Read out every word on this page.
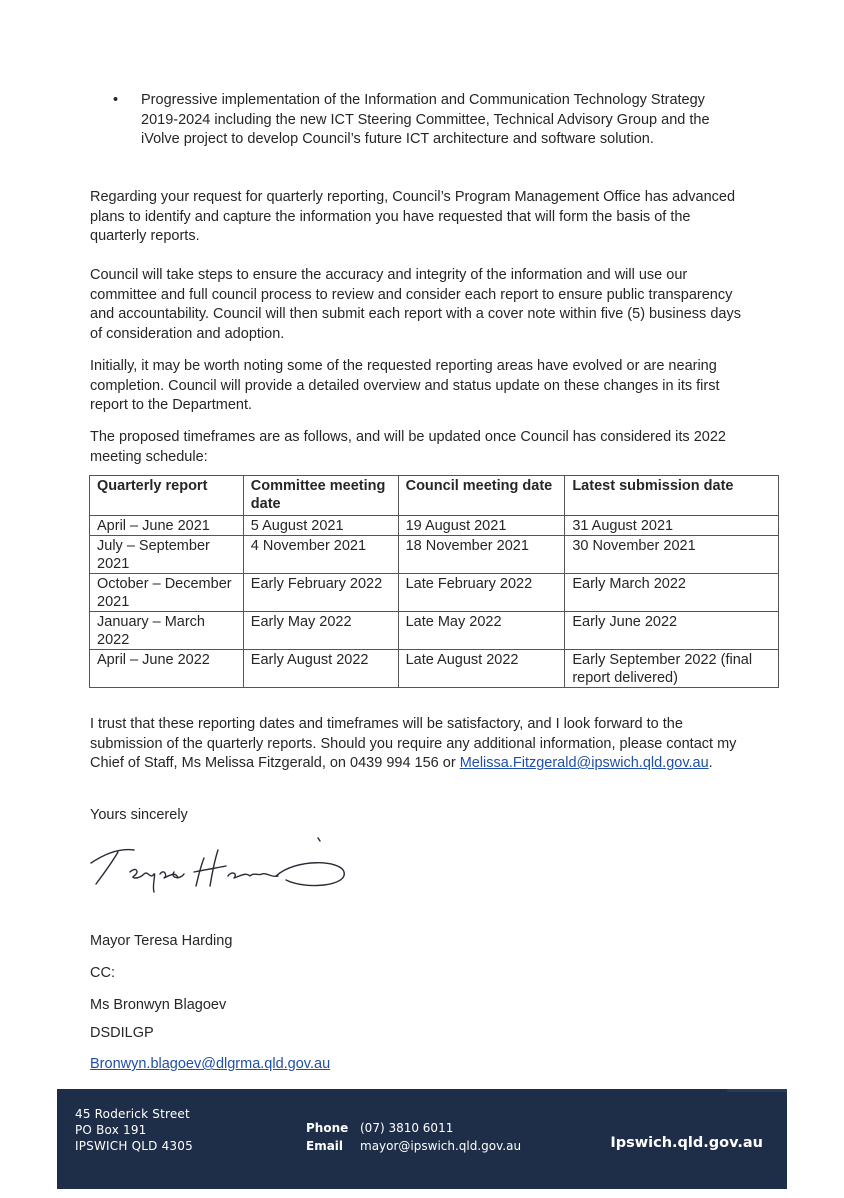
• Progressive implementation of the Information and Communication Technology Strategy 2019-2024 including the new ICT Steering Committee, Technical Advisory Group and the iVolve project to develop Council’s future ICT architecture and software solution.

Regarding your request for quarterly reporting, Council’s Program Management Office has advanced plans to identify and capture the information you have requested that will form the basis of the quarterly reports.

Council will take steps to ensure the accuracy and integrity of the information and will use our committee and full council process to review and consider each report to ensure public transparency and accountability. Council will then submit each report with a cover note within five (5) business days of consideration and adoption.

Initially, it may be worth noting some of the requested reporting areas have evolved or are nearing completion. Council will provide a detailed overview and status update on these changes in its first report to the Department.

The proposed timeframes are as follows, and will be updated once Council has considered its 2022 meeting schedule:

Quarterly report	Committee meeting date	Council meeting date	Latest submission date
April – June 2021	5 August 2021	19 August 2021	31 August 2021
July – September 2021	4 November 2021	18 November 2021	30 November 2021
October – December 2021	Early February 2022	Late February 2022	Early March 2022
January – March 2022	Early May 2022	Late May 2022	Early June 2022
April – June 2022	Early August 2022	Late August 2022	Early September 2022 (final report delivered)

I trust that these reporting dates and timeframes will be satisfactory, and I look forward to the submission of the quarterly reports. Should you require any additional information, please contact my Chief of Staff, Ms Melissa Fitzgerald, on 0439 994 156 or Melissa.Fitzgerald@ipswich.qld.gov.au.

Yours sincerely
Mayor Teresa Harding
CC:
Ms Bronwyn Blagoev
DSDILGP
Bronwyn.blagoev@dlgrma.qld.gov.au
45 Roderick Street
PO Box 191
IPSWICH QLD 4305
Phone (07) 3810 6011
Email mayor@ipswich.qld.gov.au	Ipswich.qld.gov.au
